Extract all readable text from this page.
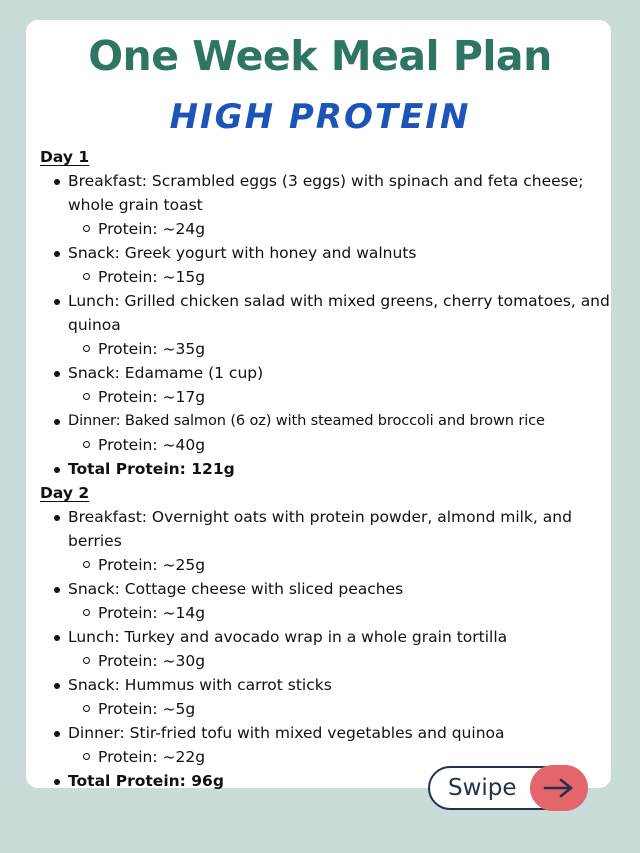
One Week Meal Plan
HIGH PROTEIN
Day 1
Breakfast: Scrambled eggs (3 eggs) with spinach and feta cheese; whole grain toast
Protein: ~24g
Snack: Greek yogurt with honey and walnuts
Protein: ~15g
Lunch: Grilled chicken salad with mixed greens, cherry tomatoes, and quinoa
Protein: ~35g
Snack: Edamame (1 cup)
Protein: ~17g
Dinner: Baked salmon (6 oz) with steamed broccoli and brown rice
Protein: ~40g
Total Protein: 121g
Day 2
Breakfast: Overnight oats with protein powder, almond milk, and berries
Protein: ~25g
Snack: Cottage cheese with sliced peaches
Protein: ~14g
Lunch: Turkey and avocado wrap in a whole grain tortilla
Protein: ~30g
Snack: Hummus with carrot sticks
Protein: ~5g
Dinner: Stir-fried tofu with mixed vegetables and quinoa
Protein: ~22g
Total Protein: 96g	Swipe
